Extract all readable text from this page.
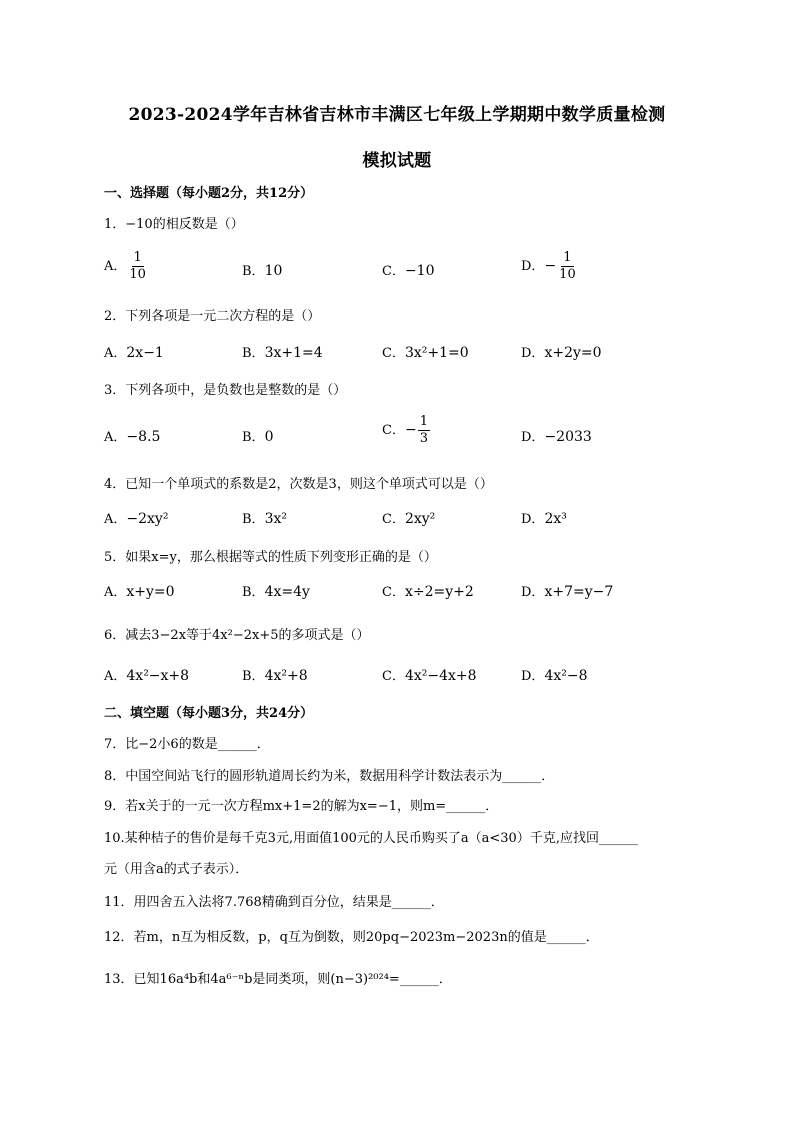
2023-2024学年吉林省吉林市丰满区七年级上学期期中数学质量检测
模拟试题
一、选择题（每小题2分，共12分）
1．−10的相反数是（）
A． $\frac{1}{10}$	B．10	C．−10	D．− $\frac{1}{10}$
2．下列各项是一元二次方程的是（）
A．2x−1	B．3x+1=4	C．3x²+1=0	D．x+2y=0
3．下列各项中，是负数也是整数的是（）
A．−8.5	B．0	C．− $\frac{1}{3}$	D．−2033
4．已知一个单项式的系数是2，次数是3，则这个单项式可以是（）
A．−2xy²	B．3x²	C．2xy²	D．2x³
5．如果x=y，那么根据等式的性质下列变形正确的是（）
A．x+y=0	B．4x=4y	C．x÷2=y+2	D．x+7=y−7
6．减去3−2x等于4x²−2x+5的多项式是（）
A．4x²−x+8	B．4x²+8	C．4x²−4x+8	D．4x²−8
二、填空题（每小题3分，共24分）
7．比−2小6的数是______．
8．中国空间站飞行的圆形轨道周长约为米，数据用科学计数法表示为______．
9．若x关于的一元一次方程mx+1=2的解为x=−1，则m=______．
10.某种桔子的售价是每千克3元,用面值100元的人民币购买了a（a<30）千克,应找回______
元（用含a的式子表示）．
11．用四舍五入法将7.768精确到百分位，结果是______．
12．若m，n互为相反数，p，q互为倒数，则20pq−2023m−2023n的值是______．
13．已知16a⁴b和4a⁶⁻ⁿb是同类项，则(n−3)²⁰²⁴=______．
